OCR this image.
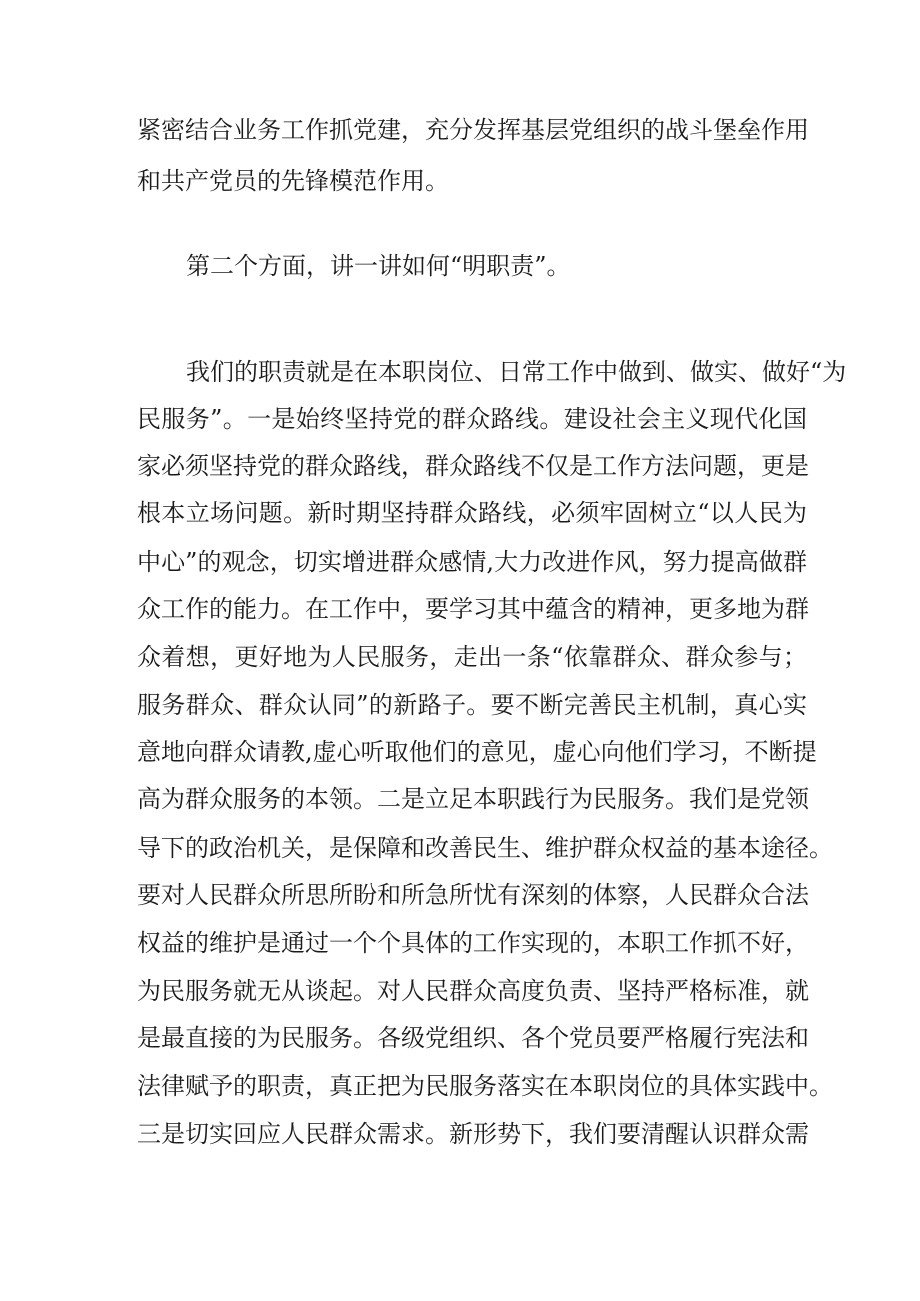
紧密结合业务工作抓党建，充分发挥基层党组织的战斗堡垒作用
和共产党员的先锋模范作用。
第二个方面，讲一讲如何“明职责”。
我们的职责就是在本职岗位、日常工作中做到、做实、做好“为
民服务”。一是始终坚持党的群众路线。建设社会主义现代化国
家必须坚持党的群众路线，群众路线不仅是工作方法问题，更是
根本立场问题。新时期坚持群众路线，必须牢固树立“以人民为
中心”的观念，切实增进群众感情,大力改进作风，努力提高做群
众工作的能力。在工作中，要学习其中蕴含的精神，更多地为群
众着想，更好地为人民服务，走出一条“依靠群众、群众参与；
服务群众、群众认同”的新路子。要不断完善民主机制，真心实
意地向群众请教,虚心听取他们的意见，虚心向他们学习，不断提
高为群众服务的本领。二是立足本职践行为民服务。我们是党领
导下的政治机关，是保障和改善民生、维护群众权益的基本途径。
要对人民群众所思所盼和所急所忧有深刻的体察，人民群众合法
权益的维护是通过一个个具体的工作实现的，本职工作抓不好，
为民服务就无从谈起。对人民群众高度负责、坚持严格标准，就
是最直接的为民服务。各级党组织、各个党员要严格履行宪法和
法律赋予的职责，真正把为民服务落实在本职岗位的具体实践中。
三是切实回应人民群众需求。新形势下，我们要清醒认识群众需
